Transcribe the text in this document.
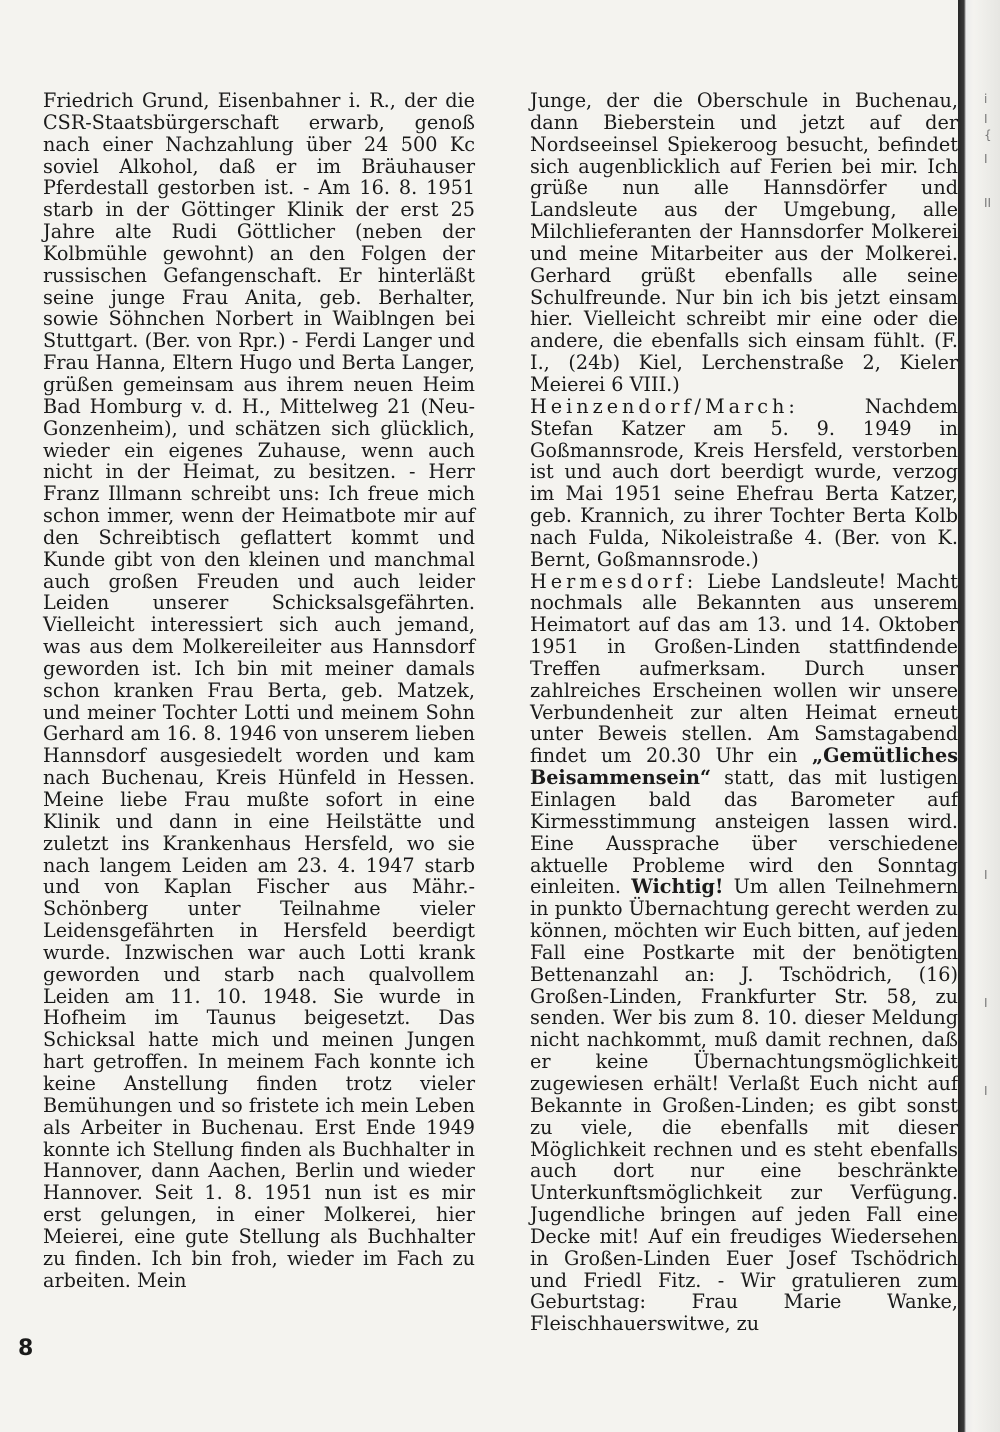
Friedrich Grund, Eisenbahner i. R., der die CSR-Staatsbürgerschaft erwarb, genoß nach einer Nachzahlung über 24 500 Kc soviel Alkohol, daß er im Bräuhauser Pferdestall gestorben ist. - Am 16. 8. 1951 starb in der Göttinger Klinik der erst 25 Jahre alte Rudi Göttlicher (neben der Kolbmühle gewohnt) an den Folgen der russischen Gefangenschaft. Er hinterläßt seine junge Frau Anita, geb. Berhalter, sowie Söhnchen Norbert in Waiblngen bei Stuttgart. (Ber. von Rpr.) - Ferdi Langer und Frau Hanna, Eltern Hugo und Berta Langer, grüßen gemeinsam aus ihrem neuen Heim Bad Homburg v. d. H., Mittelweg 21 (Neu-Gonzenheim), und schätzen sich glücklich, wieder ein eigenes Zuhause, wenn auch nicht in der Heimat, zu besitzen. - Herr Franz Illmann schreibt uns: Ich freue mich schon immer, wenn der Heimatbote mir auf den Schreibtisch geflattert kommt und Kunde gibt von den kleinen und manchmal auch großen Freuden und auch leider Leiden unserer Schicksalsgefährten. Vielleicht interessiert sich auch jemand, was aus dem Molkereileiter aus Hannsdorf geworden ist. Ich bin mit meiner damals schon kranken Frau Berta, geb. Matzek, und meiner Tochter Lotti und meinem Sohn Gerhard am 16. 8. 1946 von unserem lieben Hannsdorf ausgesiedelt worden und kam nach Buchenau, Kreis Hünfeld in Hessen. Meine liebe Frau mußte sofort in eine Klinik und dann in eine Heilstätte und zuletzt ins Krankenhaus Hersfeld, wo sie nach langem Leiden am 23. 4. 1947 starb und von Kaplan Fischer aus Mähr.-Schönberg unter Teilnahme vieler Leidensgefährten in Hersfeld beerdigt wurde. Inzwischen war auch Lotti krank geworden und starb nach qualvollem Leiden am 11. 10. 1948. Sie wurde in Hofheim im Taunus beigesetzt. Das Schicksal hatte mich und meinen Jungen hart getroffen. In meinem Fach konnte ich keine Anstellung finden trotz vieler Bemühungen und so fristete ich mein Leben als Arbeiter in Buchenau. Erst Ende 1949 konnte ich Stellung finden als Buchhalter in Hannover, dann Aachen, Berlin und wieder Hannover. Seit 1. 8. 1951 nun ist es mir erst gelungen, in einer Molkerei, hier Meierei, eine gute Stellung als Buchhalter zu finden. Ich bin froh, wieder im Fach zu arbeiten. Mein

Junge, der die Oberschule in Buchenau, dann Bieberstein und jetzt auf der Nordseeinsel Spiekeroog besucht, befindet sich augenblicklich auf Ferien bei mir. Ich grüße nun alle Hannsdörfer und Landsleute aus der Umgebung, alle Milchlieferanten der Hannsdorfer Molkerei und meine Mitarbeiter aus der Molkerei. Gerhard grüßt ebenfalls alle seine Schulfreunde. Nur bin ich bis jetzt einsam hier. Vielleicht schreibt mir eine oder die andere, die ebenfalls sich einsam fühlt. (F. I., (24b) Kiel, Lerchenstraße 2, Kieler Meierei 6 VIII.)

Heinzendorf/March:	Nachdem Stefan Katzer am 5. 9. 1949 in Goßmannsrode, Kreis Hersfeld, verstorben ist und auch dort beerdigt wurde, verzog im Mai 1951 seine Ehefrau Berta Katzer, geb. Krannich, zu ihrer Tochter Berta Kolb nach Fulda, Nikoleistraße 4. (Ber. von K. Bernt, Goßmannsrode.)

Hermesdorf: Liebe Landsleute! Macht nochmals alle Bekannten aus unserem Heimatort auf das am 13. und 14. Oktober 1951 in Großen-Linden stattfindende Treffen aufmerksam. Durch unser zahlreiches Erscheinen wollen wir unsere Verbundenheit zur alten Heimat erneut unter Beweis stellen. Am Samstagabend findet um 20.30 Uhr ein „Gemütliches Beisammensein“ statt, das mit lustigen Einlagen bald das Barometer auf Kirmesstimmung ansteigen lassen wird. Eine Aussprache über verschiedene aktuelle Probleme wird den Sonntag einleiten. Wichtig! Um allen Teilnehmern in punkto Übernachtung gerecht werden zu können, möchten wir Euch bitten, auf jeden Fall eine Postkarte mit der benötigten Bettenanzahl an: J. Tschödrich, (16) Großen-Linden, Frankfurter Str. 58, zu senden. Wer bis zum 8. 10. dieser Meldung nicht nachkommt, muß damit rechnen, daß er keine Übernachtungsmöglichkeit zugewiesen erhält! Verlaßt Euch nicht auf Bekannte in Großen-Linden; es gibt sonst zu viele, die ebenfalls mit dieser Möglichkeit rechnen und es steht ebenfalls auch dort nur eine beschränkte Unterkunftsmöglichkeit zur Verfügung. Jugendliche bringen auf jeden Fall eine Decke mit! Auf ein freudiges Wiedersehen in Großen-Linden Euer Josef Tschödrich und Friedl Fitz. - Wir gratulieren zum Geburtstag: Frau Marie Wanke, Fleischhauerswitwe, zu

8
i
I
{
I
II
I
I
I
